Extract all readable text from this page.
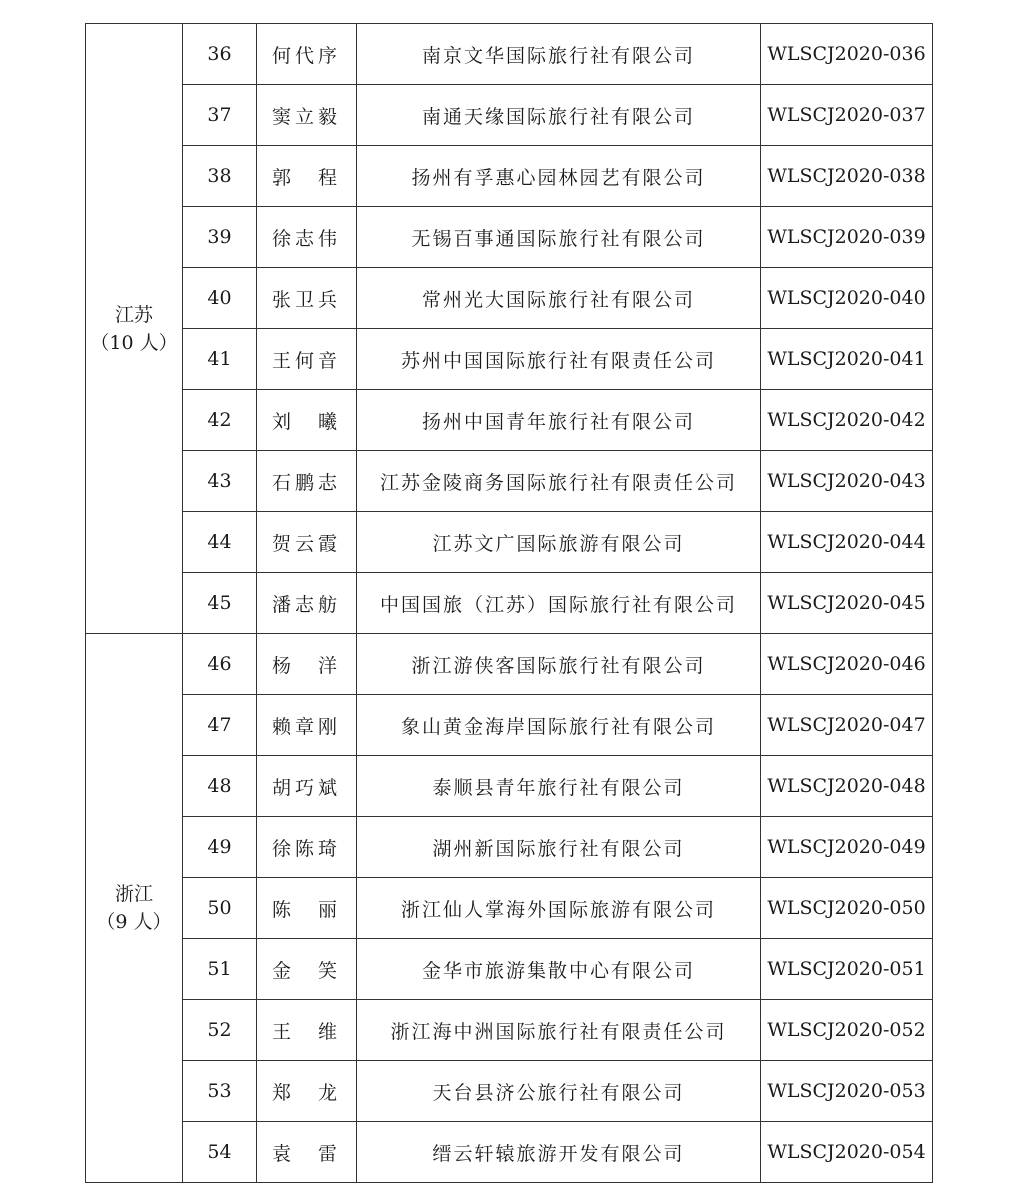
江苏
（10 人）	36	何代序	南京文华国际旅行社有限公司	WLSCJ2020-036
	37	窦立毅	南通天缘国际旅行社有限公司	WLSCJ2020-037
	38	郭　程	扬州有孚惠心园林园艺有限公司	WLSCJ2020-038
	39	徐志伟	无锡百事通国际旅行社有限公司	WLSCJ2020-039
	40	张卫兵	常州光大国际旅行社有限公司	WLSCJ2020-040
	41	王何音	苏州中国国际旅行社有限责任公司	WLSCJ2020-041
	42	刘　曦	扬州中国青年旅行社有限公司	WLSCJ2020-042
	43	石鹏志	江苏金陵商务国际旅行社有限责任公司	WLSCJ2020-043
	44	贺云霞	江苏文广国际旅游有限公司	WLSCJ2020-044
	45	潘志舫	中国国旅（江苏）国际旅行社有限公司	WLSCJ2020-045

浙江
（9 人）	46	杨　洋	浙江游侠客国际旅行社有限公司	WLSCJ2020-046
	47	赖章刚	象山黄金海岸国际旅行社有限公司	WLSCJ2020-047
	48	胡巧斌	泰顺县青年旅行社有限公司	WLSCJ2020-048
	49	徐陈琦	湖州新国际旅行社有限公司	WLSCJ2020-049
	50	陈　丽	浙江仙人掌海外国际旅游有限公司	WLSCJ2020-050
	51	金　笑	金华市旅游集散中心有限公司	WLSCJ2020-051
	52	王　维	浙江海中洲国际旅行社有限责任公司	WLSCJ2020-052
	53	郑　龙	天台县济公旅行社有限公司	WLSCJ2020-053
	54	袁　雷	缙云轩辕旅游开发有限公司	WLSCJ2020-054
